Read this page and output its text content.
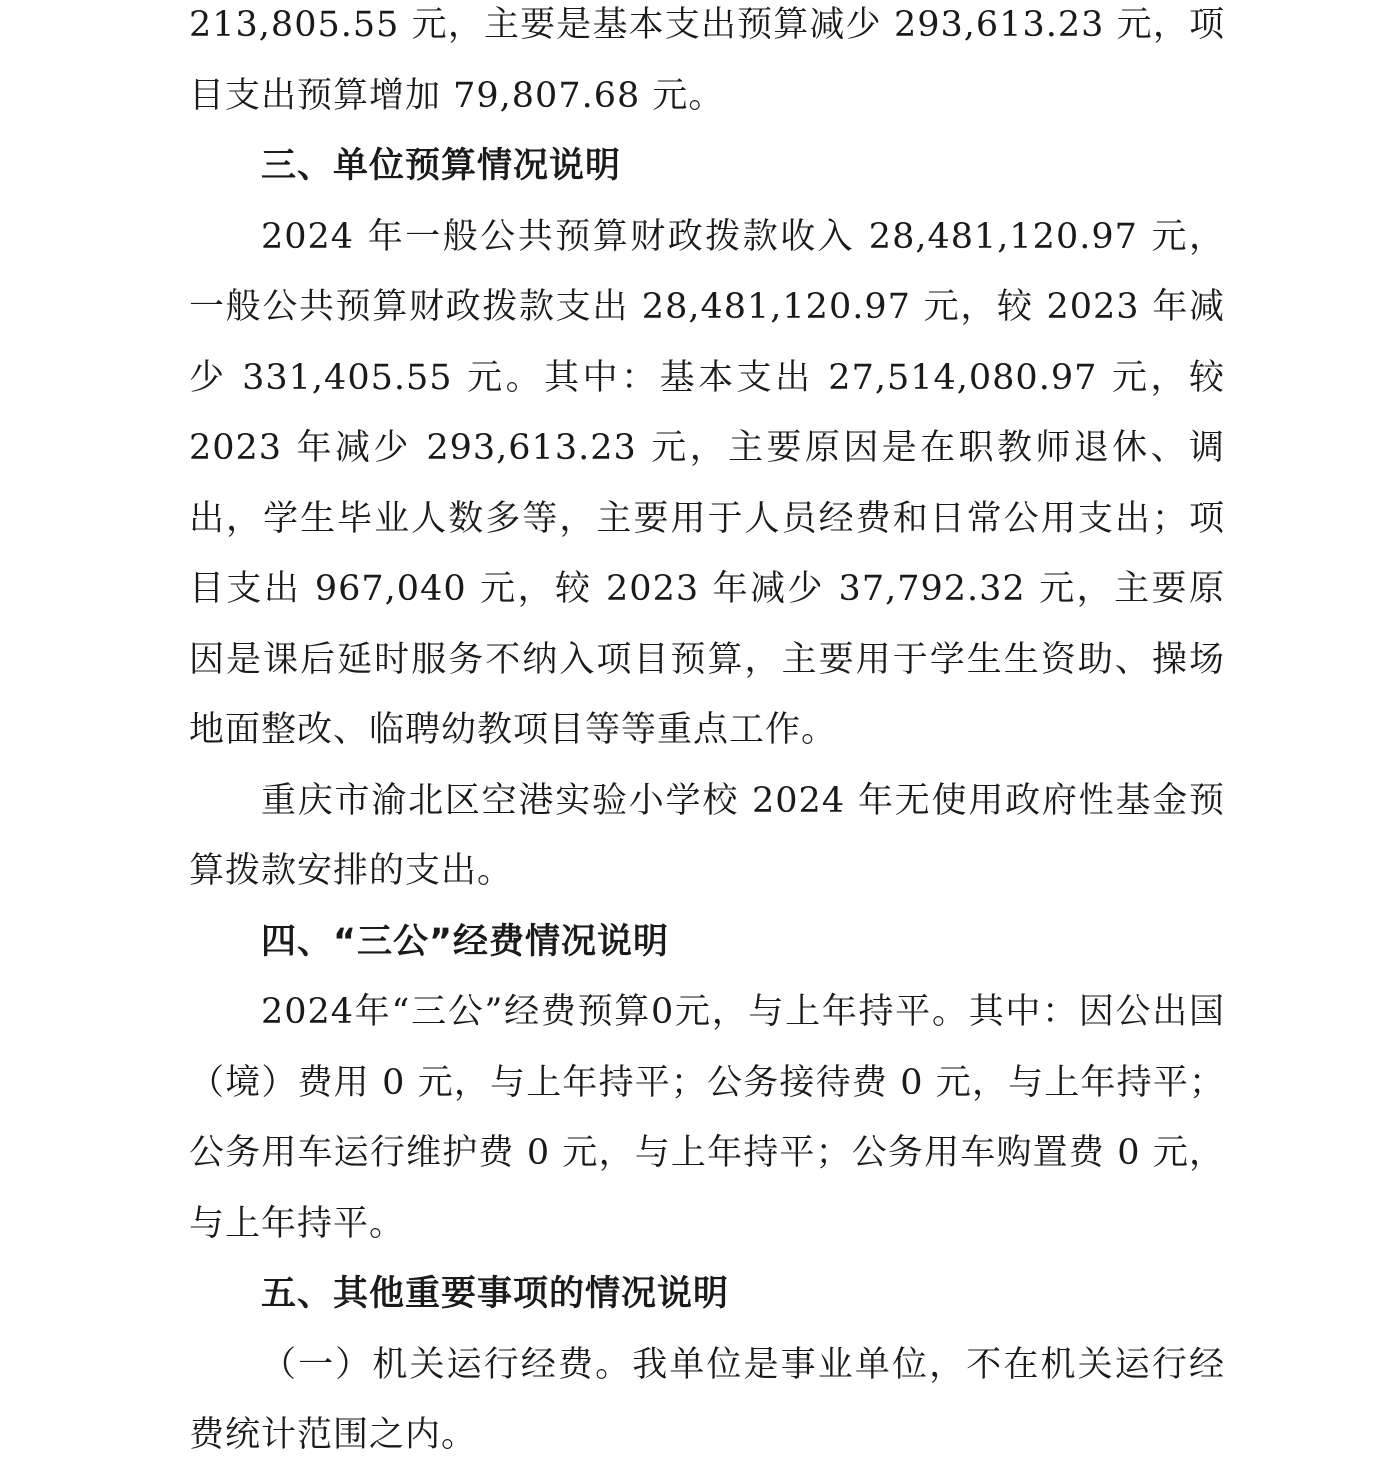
213,805.55 元，主要是基本支出预算减少 293,613.23 元，项目支出预算增加 79,807.68 元。

三、单位预算情况说明

2024 年一般公共预算财政拨款收入 28,481,120.97 元，一般公共预算财政拨款支出 28,481,120.97 元，较 2023 年减少 331,405.55 元。其中：基本支出 27,514,080.97 元，较 2023 年减少 293,613.23 元，主要原因是在职教师退休、调出，学生毕业人数多等，主要用于人员经费和日常公用支出；项目支出 967,040 元，较 2023 年减少 37,792.32 元，主要原因是课后延时服务不纳入项目预算，主要用于学生生资助、操场地面整改、临聘幼教项目等等重点工作。

重庆市渝北区空港实验小学校 2024 年无使用政府性基金预算拨款安排的支出。

四、“三公”经费情况说明

2024年“三公”经费预算0元，与上年持平。其中：因公出国（境）费用 0 元，与上年持平；公务接待费 0 元，与上年持平；公务用车运行维护费 0 元，与上年持平；公务用车购置费 0 元，与上年持平。

五、其他重要事项的情况说明

（一）机关运行经费。我单位是事业单位，不在机关运行经费统计范围之内。
